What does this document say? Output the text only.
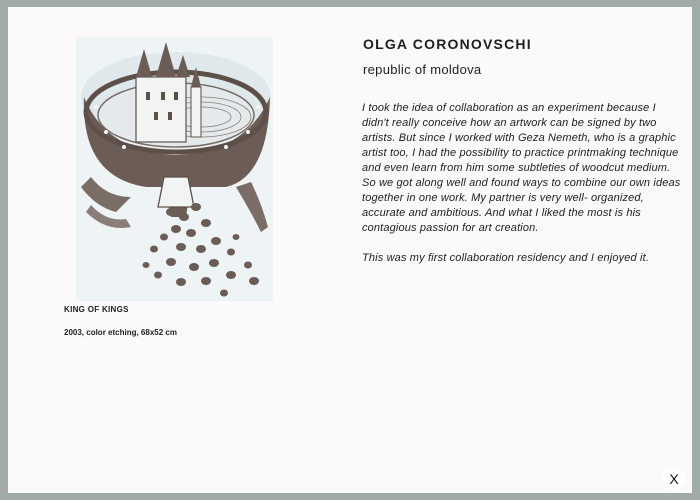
KING OF KINGS

2003, color etching, 68x52 cm

OLGA CORONOVSCHI

republic of moldova

I took the idea of collaboration as an experiment because I didn't really conceive how an artwork can be signed by two artists. But since I worked with Geza Nemeth, who is a graphic artist too, I had the possibility to practice printmaking technique and even learn from him some subtleties of woodcut medium. So we got along well and found ways to combine our own ideas together in one work. My partner is very well- organized, accurate and ambitious. And what I liked the most is his contagious passion for art creation.

This was my first collaboration residency and I enjoyed it.

X
